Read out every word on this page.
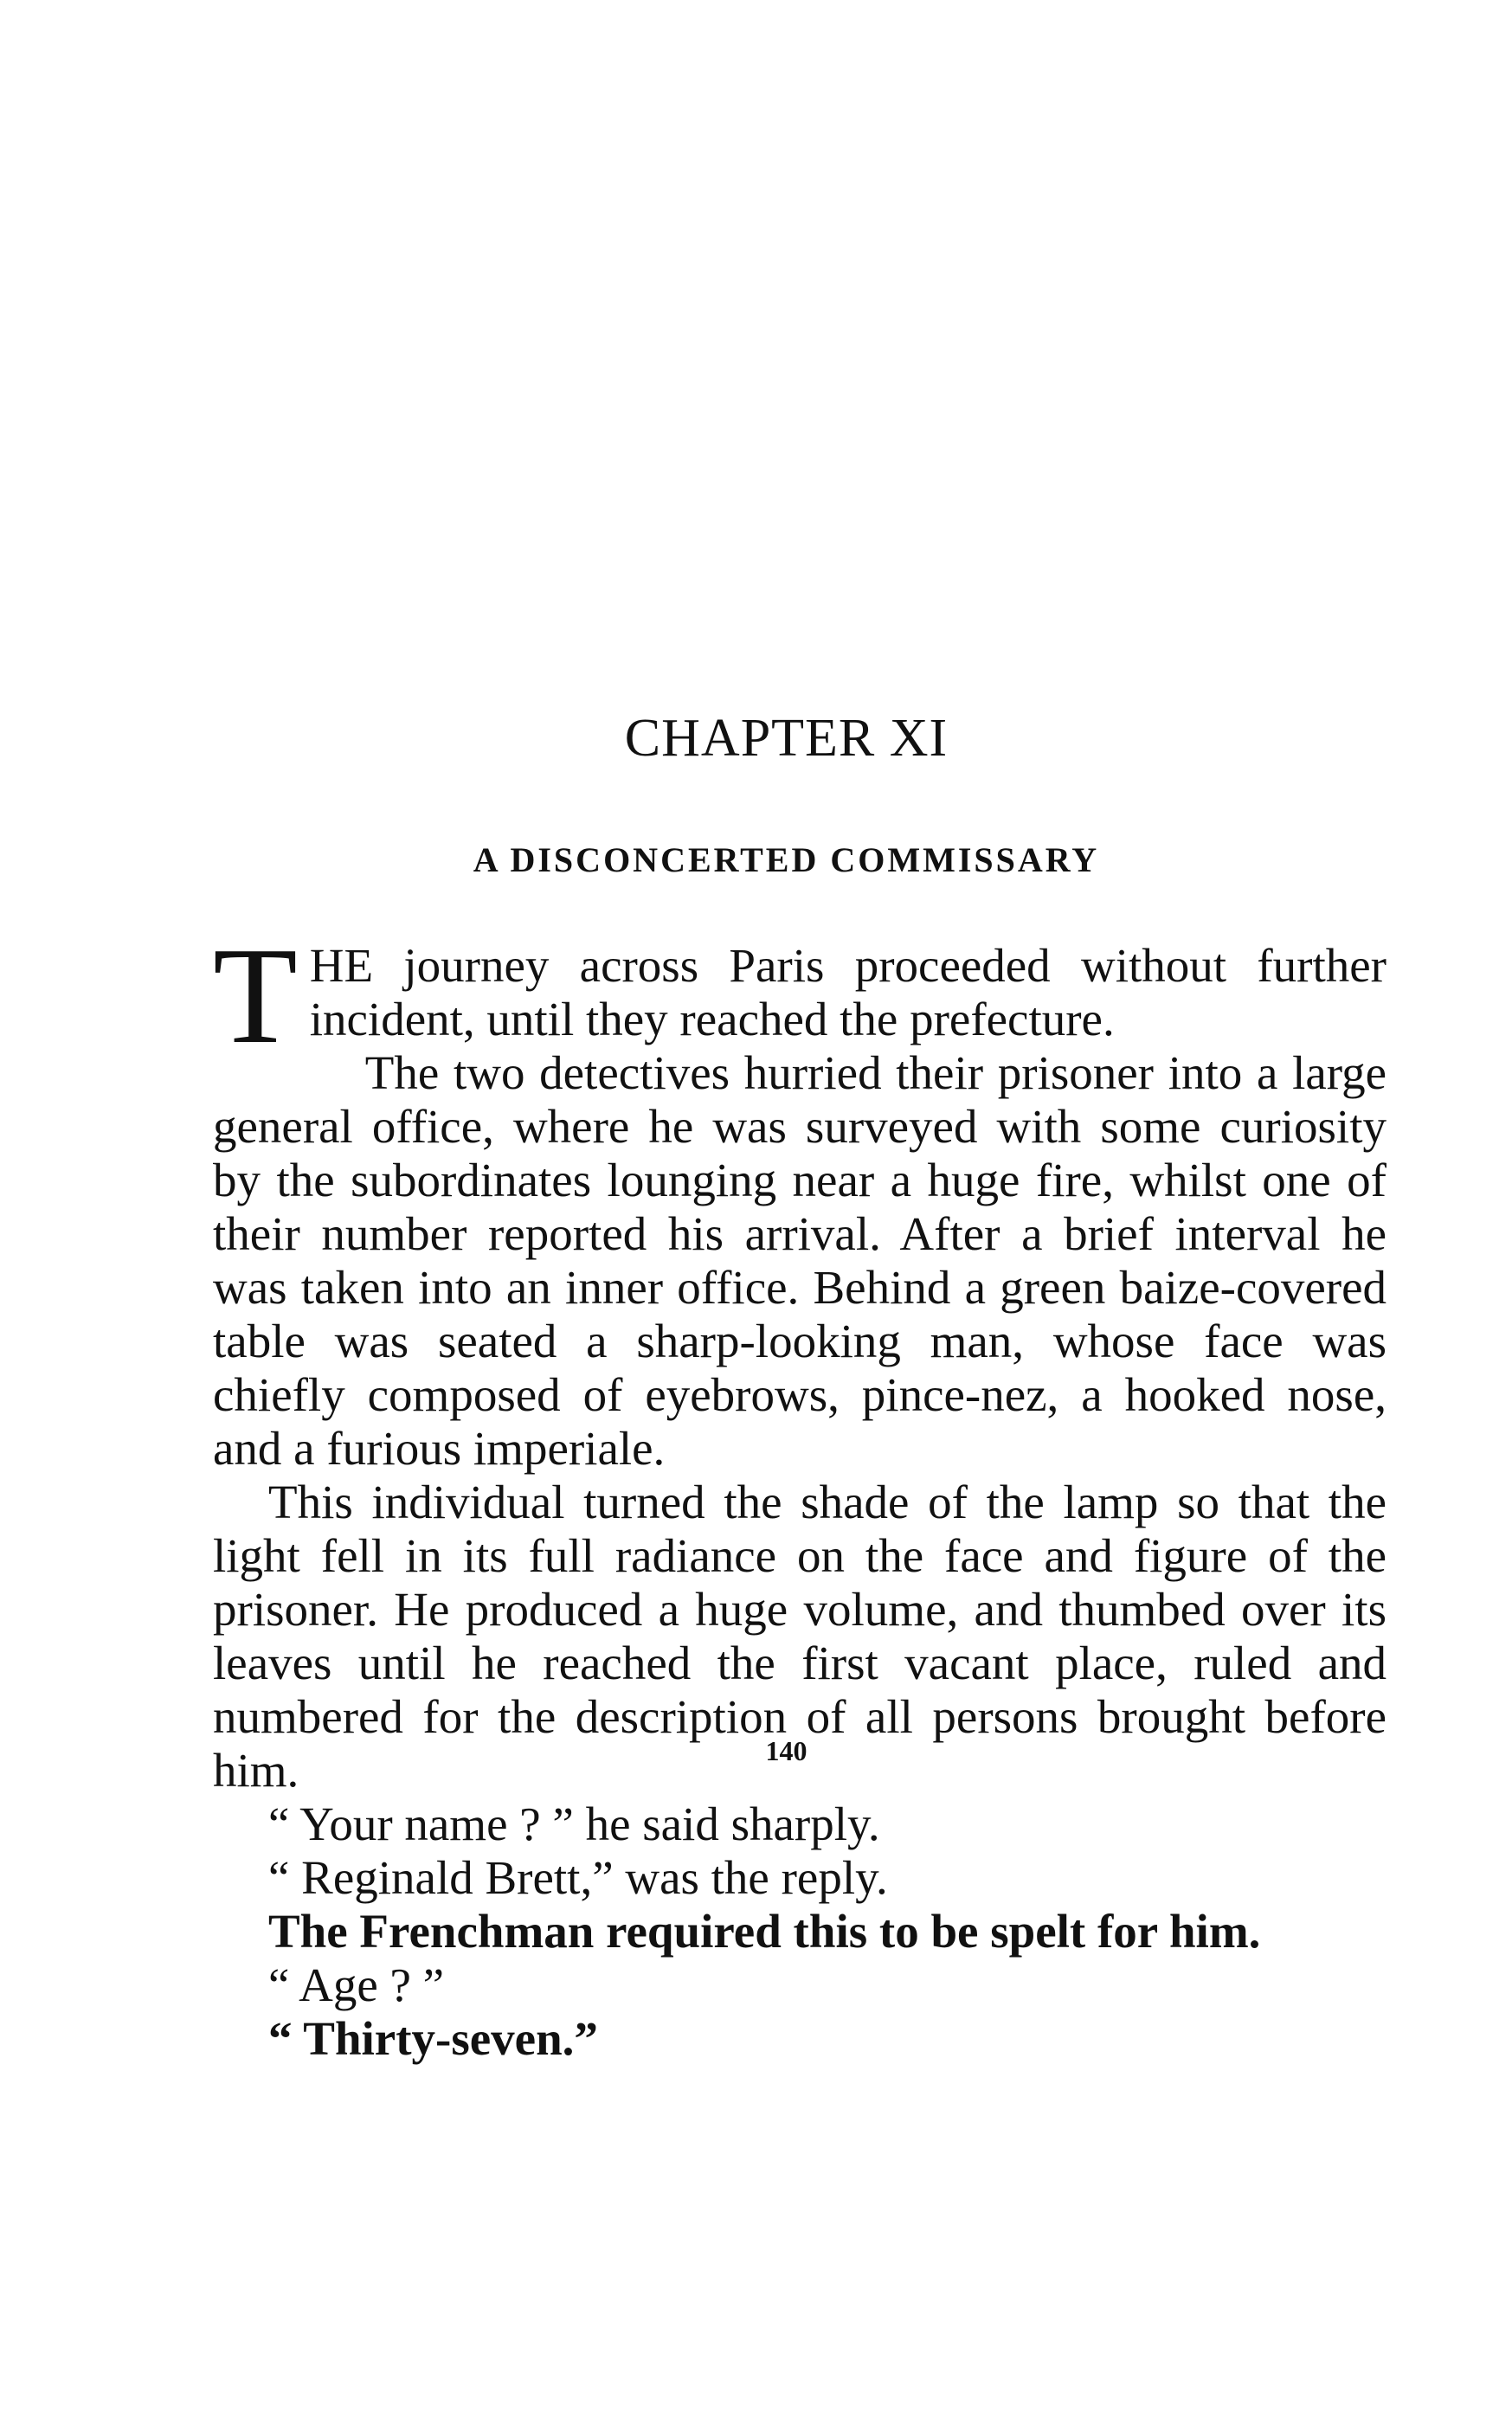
CHAPTER XI
A DISCONCERTED COMMISSARY

THE journey across Paris proceeded without further incident, until they reached the prefecture.

The two detectives hurried their prisoner into a large general office, where he was surveyed with some curiosity by the subordinates lounging near a huge fire, whilst one of their number reported his arrival. After a brief interval he was taken into an inner office. Behind a green baize-covered table was seated a sharp-looking man, whose face was chiefly composed of eyebrows, pince-nez, a hooked nose, and a furious imperiale.

This individual turned the shade of the lamp so that the light fell in its full radiance on the face and figure of the prisoner. He produced a huge volume, and thumbed over its leaves until he reached the first vacant place, ruled and numbered for the description of all persons brought before him.

“ Your name ? ” he said sharply.

“ Reginald Brett,” was the reply.

The Frenchman required this to be spelt for him.

“ Age ? ”

“ Thirty-seven.”

140
